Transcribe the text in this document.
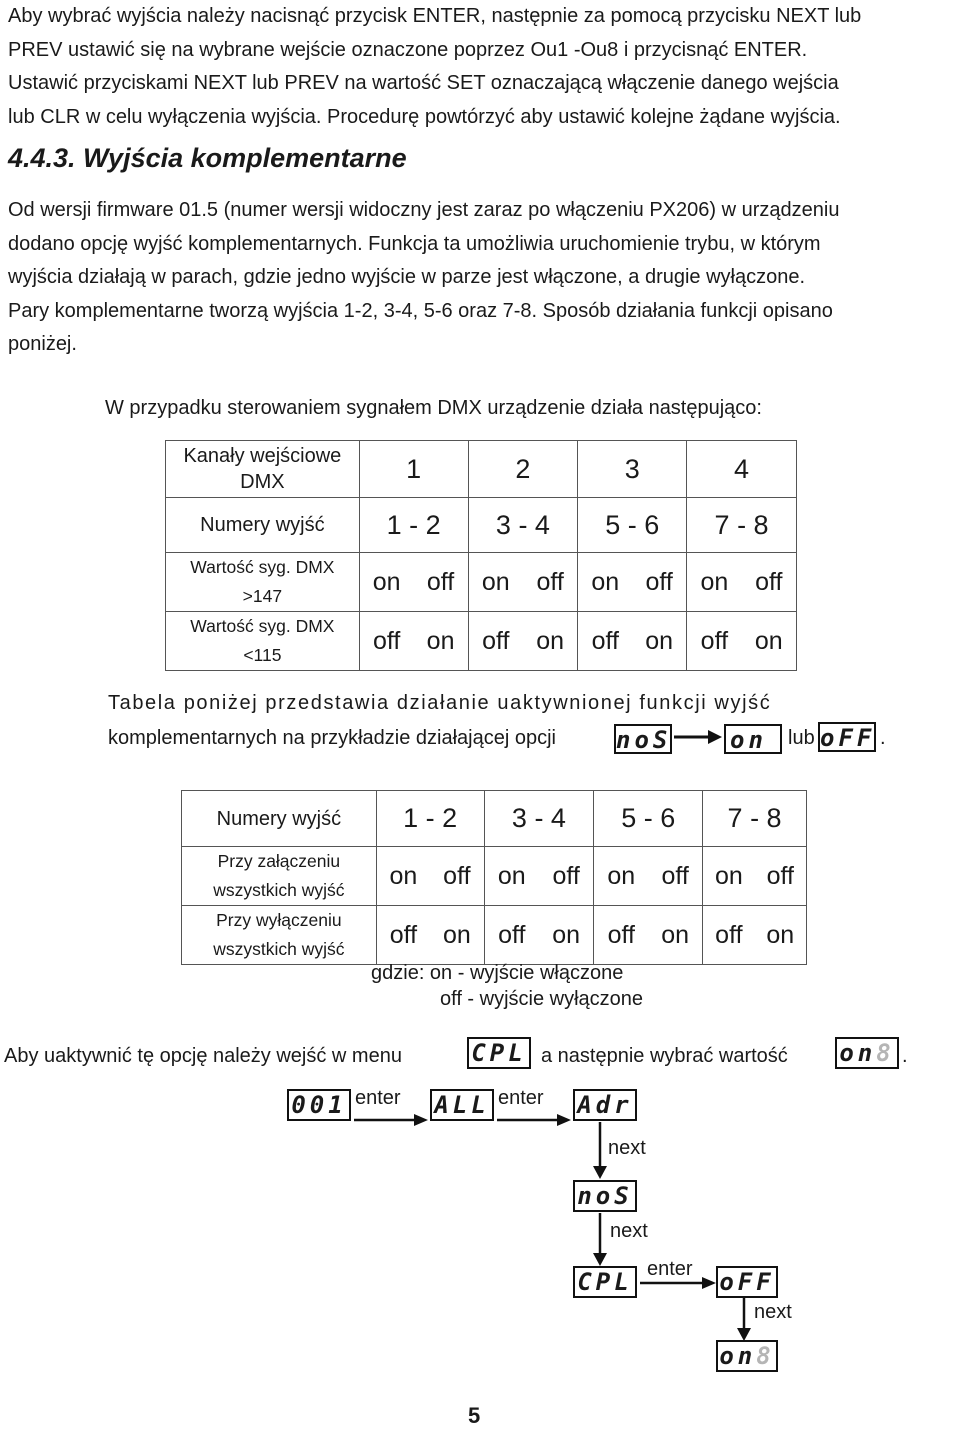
Aby wybrać wyjścia należy nacisnąć przycisk ENTER, następnie za pomocą przycisku NEXT lub
PREV ustawić się na wybrane wejście oznaczone poprzez Ou1 -Ou8 i przycisnąć ENTER.
Ustawić przyciskami NEXT lub PREV na wartość SET oznaczającą włączenie danego wejścia
lub CLR w celu wyłączenia wyjścia. Procedurę powtórzyć aby ustawić kolejne żądane wyjścia.
4.4.3. Wyjścia komplementarne
Od wersji firmware 01.5 (numer wersji widoczny jest zaraz po włączeniu PX206) w urządzeniu
dodano opcję wyjść komplementarnych. Funkcja ta umożliwia uruchomienie trybu, w którym
wyjścia działają w parach, gdzie jedno wyjście w parze jest włączone, a drugie wyłączone.
Pary komplementarne tworzą wyjścia 1-2, 3-4, 5-6 oraz 7-8. Sposób działania funkcji opisano
poniżej.
W przypadku sterowaniem sygnałem DMX urządzenie działa następująco:
Kanały wejściowe
DMX	1	2	3	4
Numery wyjść	1 - 2	3 - 4	5 - 6	7 - 8

Wartość syg. DMX
>147	on off	on off	on off	on off

Wartość syg. DMX
<115	off on	off on	off on	off on
Tabela poniżej przedstawia działanie uaktywnionej funkcji wyjść
komplementarnych na przykładzie działającej opcji	noS on	lub oFF .
Numery wyjść	1 - 2	3 - 4	5 - 6	7 - 8

Przy załączeniu
wszystkich wyjść	on off	on off	on off	on off

Przy wyłączeniu
wszystkich wyjść	off on	off on	off on	off on
gdzie: on - wyjście włączone
off - wyjście wyłączone
Aby uaktywnić tę opcję należy wejść w menu	CPL a następnie wybrać wartość on8 .
001 enter ALL enter Adr
next
noS
next
CPL enter oFF
next
on8
5
